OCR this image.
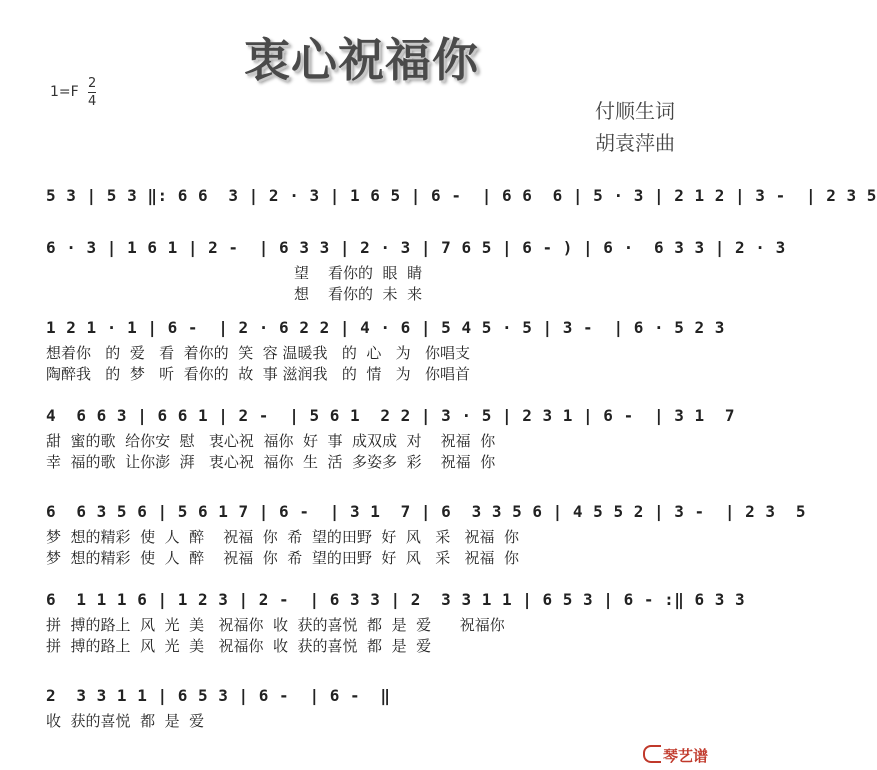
衷心祝福你
1=F
2
4	付顺生词
胡袁萍曲
5 3 | 5 3 ‖: 6 6  3 | 2 · 3 | 1 6 5 | 6 -  | 6 6  6 | 5 · 3 | 2 1 2 | 3 -  | 2 3 5
6 · 3 | 1 6 1 | 2 -  | 6 3 3 | 2 · 3 | 7 6 5 | 6 - ) | 6 ·  6 3 3 | 2 · 3
望    看你的  眼  睛
想    看你的  未  来
1 2 1 · 1 | 6 -  | 2 · 6 2 2 | 4 · 6 | 5 4 5 · 5 | 3 -  | 6 · 5 2 3
想着你   的  爱   看  着你的  笑  容 温暖我   的  心   为   你唱支
陶醉我   的  梦   听  看你的  故  事 滋润我   的  情   为   你唱首
4  6 6 3 | 6 6 1 | 2 -  | 5 6 1  2 2 | 3 · 5 | 2 3 1 | 6 -  | 3 1  7
甜  蜜的歌  给你安  慰   衷心祝  福你  好  事  成双成  对    祝福  你
幸  福的歌  让你澎  湃   衷心祝  福你  生  活  多姿多  彩    祝福  你
6  6 3 5 6 | 5 6 1 7 | 6 -  | 3 1  7 | 6  3 3 5 6 | 4 5 5 2 | 3 -  | 2 3  5
梦  想的精彩  使  人  醉    祝福  你  希  望的田野  好  风   采   祝福  你
梦  想的精彩  使  人  醉    祝福  你  希  望的田野  好  风   采   祝福  你
6  1 1 1 6 | 1 2 3 | 2 -  | 6 3 3 | 2  3 3 1 1 | 6 5 3 | 6 - :‖ 6 3 3
拼  搏的路上  风  光  美   祝福你  收  获的喜悦  都  是  爱      祝福你
拼  搏的路上  风  光  美   祝福你  收  获的喜悦  都  是  爱
2  3 3 1 1 | 6 5 3 | 6 -  | 6 -  ‖
收  获的喜悦  都  是  爱
琴艺谱
